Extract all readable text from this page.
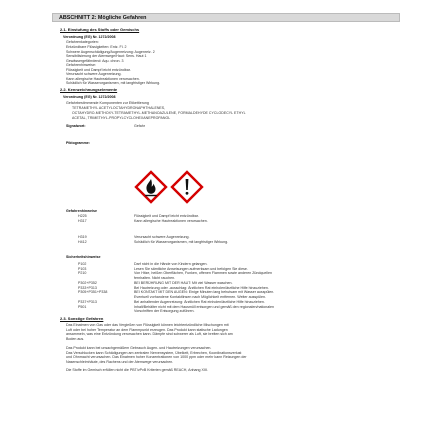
ABSCHNITT 2: Mögliche Gefahren
2.1. Einstufung des Stoffs oder Gemischs
Verordnung (EG) Nr. 1272/2008
Gefahrenkategorien:
Entzündbare Flüssigkeiten: Entz. Fl. 2
Schwere Augenschädigung/Augenreizung: Augenreiz. 2
Sensibilisierung der Atemwege/Haut: Sens. Haut 1
Gewässergefährdend: Aqu. chron. 3
Gefahrenhinweise:
Flüssigkeit und Dampf leicht entzündbar.
Verursacht schwere Augenreizung.
Kann allergische Hautreaktionen verursachen.
Schädlich für Wasserorganismen, mit langfristiger Wirkung.
2.2. Kennzeichnungselemente
Verordnung (EG) Nr. 1272/2008
Gefahrbestimmende Komponenten zur Etikettierung
TETRAMETHYL ACETYLOCTAHYDRONAPHTHALENES,
OCTAHYDRO-METHOXY-TETRAMETHYL-METHANOAZULENE, FORMALDEHYDE CYCLODECYL ETHYL
ACETAL, TRIMETHYL-PROPYLCYCLOHEXANEPROPANOL
Signalwort:	Gefahr
Piktogramme:
Gefahrenhinweise
H225	Flüssigkeit und Dampf leicht entzündbar.
H317	Kann allergische Hautreaktionen verursachen.
H319	Verursacht schwere Augenreizung.
H412	Schädlich für Wasserorganismen, mit langfristiger Wirkung.
Sicherheitshinweise
P102	Darf nicht in die Hände von Kindern gelangen.
P103	Lesen Sie sämtliche Anweisungen aufmerksam und befolgen Sie diese.
P210	Von Hitze, heißen Oberflächen, Funken, offenen Flammen sowie anderen Zündquellen
fernhalten. Nicht rauchen.
P302+P352	BEI BERÜHRUNG MIT DER HAUT: Mit viel Wasser waschen.
P333+P313	Bei Hautreizung oder -ausschlag: Ärztlichen Rat einholen/ärztliche Hilfe hinzuziehen.
P305+P351+P338	BEI KONTAKT MIT DEN AUGEN: Einige Minuten lang behutsam mit Wasser ausspülen.
Eventuell vorhandene Kontaktlinsen nach Möglichkeit entfernen. Weiter ausspülen.
P337+P313	Bei anhaltender Augenreizung: Ärztlichen Rat einholen/ärztliche Hilfe hinzuziehen.
P501	Inhalt/Behälter nicht mit dem Hausmüll entsorgen und gemäß den regionalen/nationalen
Vorschriften der Entsorgung zuführen.
2.3. Sonstige Gefahren
Das Einatmen von Gas oder das Vergießen von Flüssigkeit können leichtentzündliche Mischungen mit
Luft oder bei hoher Temperatur an dem Flammpunkt erzeugen. Das Produkt kann statische Ladungen
ansammeln, was eine Entzündung verursachen kann. Dämpfe sind schwerer als Luft, sie breiten sich am
Boden aus.
Das Produkt kann bei unsachgemäßem Gebrauch Augen- und Hautreizungen verursachen.
Das Verschlucken kann Schädigungen am zentralen Nervensystem, Übelkeit, Erbrechen, Koordinationsverlust
und Ohnmacht verursachen. Das Einatmen hoher Konzentrationen von 1000 ppm oder mehr kann Reizungen der
Nasenschleimhäute, des Rachens und der Atemwege verursachen.
Die Stoffe im Gemisch erfüllen nicht die PBT/vPvB Kriterien gemäß REACH, Anhang XIII.
